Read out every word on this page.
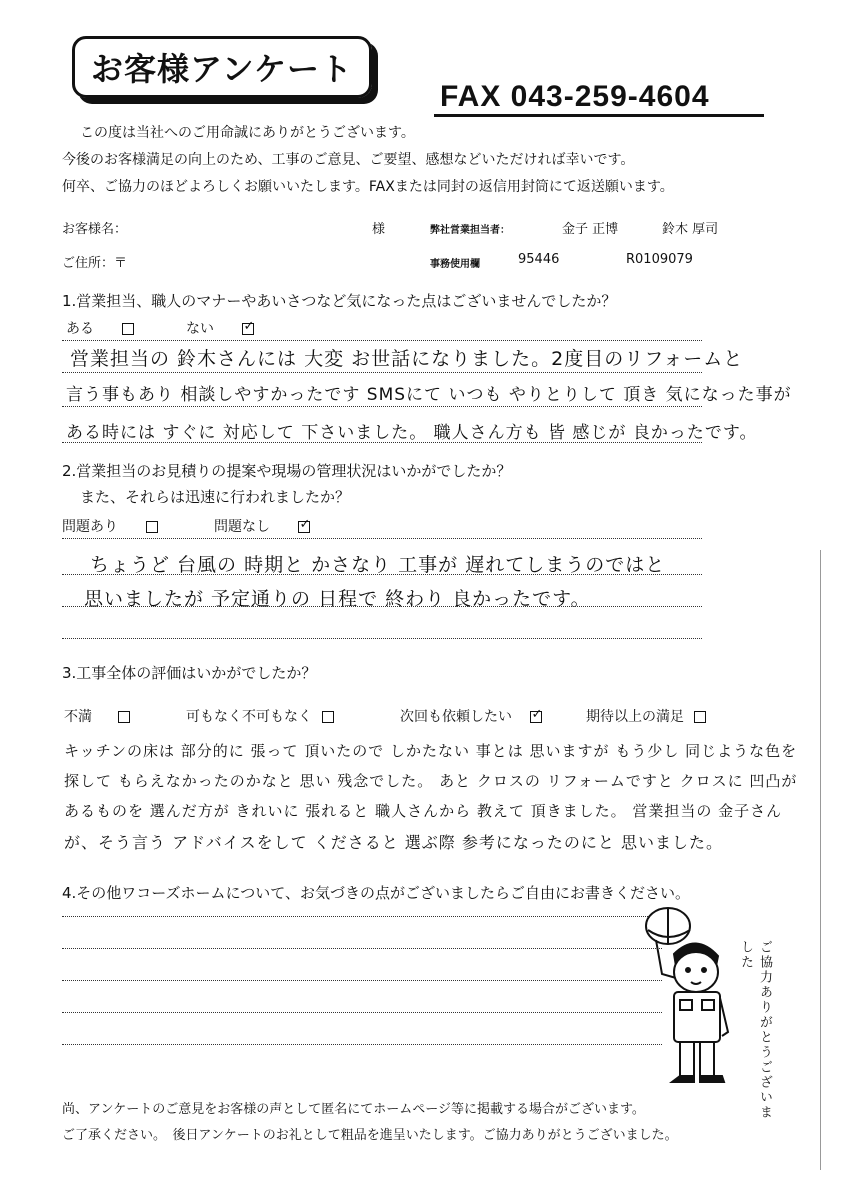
お客様アンケート
FAX 043-259-4604
この度は当社へのご用命誠にありがとうございます。
今後のお客様満足の向上のため、工事のご意見、ご要望、感想などいただければ幸いです。
何卒、ご協力のほどよろしくお願いいたします。FAXまたは同封の返信用封筒にて返送願います。
お客様名：	様	弊社営業担当者：	金子 正博	鈴木 厚司
ご住所：〒	事務使用欄	95446	R0109079
1.営業担当、職人のマナーやあいさつなど気になった点はございませんでしたか？
ある	ない ✓
営業担当の 鈴木さんには 大変 お世話になりました。2度目のリフォームと
言う事もあり 相談しやすかったです SMSにて いつも やりとりして 頂き 気になった事が
ある時には すぐに 対応して 下さいました。 職人さん方も 皆 感じが 良かったです。
2.営業担当のお見積りの提案や現場の管理状況はいかがでしたか？
また、それらは迅速に行われましたか？
問題あり	問題なし ✓
ちょうど 台風の 時期と かさなり 工事が 遅れてしまうのではと
思いましたが 予定通りの 日程で 終わり 良かったです。
3.工事全体の評価はいかがでしたか？
不満	可もなく不可もなく	次回も依頼したい ✓	期待以上の満足
キッチンの床は 部分的に 張って 頂いたので しかたない 事とは 思いますが もう少し 同じような色を
探して もらえなかったのかなと 思い 残念でした。 あと クロスの リフォームですと クロスに 凹凸が
あるものを 選んだ方が きれいに 張れると 職人さんから 教えて 頂きました。 営業担当の 金子さん
が、そう言う アドバイスをして くださると 選ぶ際 参考になったのにと 思いました。
4.その他ワコーズホームについて、お気づきの点がございましたらご自由にお書きください。
ご協力ありがとうございました
尚、アンケートのご意見をお客様の声として匿名にてホームページ等に掲載する場合がございます。
ご了承ください。　後日アンケートのお礼として粗品を進呈いたします。ご協力ありがとうございました。
